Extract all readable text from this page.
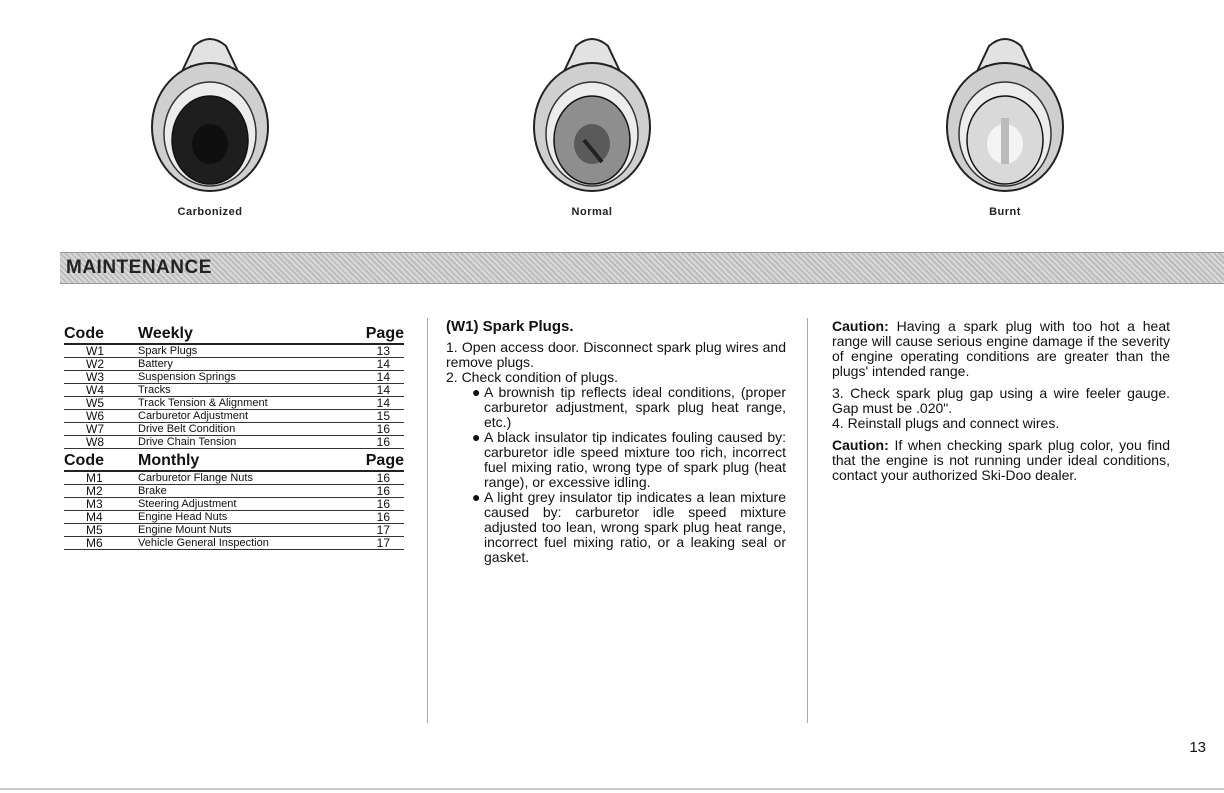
Carbonized	Normal	Burnt
MAINTENANCE
Code	Weekly	Page
W1	Spark Plugs	13
W2	Battery	14
W3	Suspension Springs	14
W4	Tracks	14
W5	Track Tension & Alignment	14
W6	Carburetor Adjustment	15
W7	Drive Belt Condition	16
W8	Drive Chain Tension	16
Code	Monthly	Page
M1	Carburetor Flange Nuts	16
M2	Brake	16
M3	Steering Adjustment	16
M4	Engine Head Nuts	16
M5	Engine Mount Nuts	17
M6	Vehicle General Inspection	17

(W1) Spark Plugs.

1. Open access door. Disconnect spark plug wires and remove plugs.

2. Check condition of plugs.

● A brownish tip reflects ideal conditions, (proper carburetor adjustment, spark plug heat range, etc.)
● A black insulator tip indicates fouling caused by: carburetor idle speed mixture too rich, incorrect fuel mixing ratio, wrong type of spark plug (heat range), or excessive idling.
● A light grey insulator tip indicates a lean mixture caused by: carburetor idle speed mixture adjusted too lean, wrong spark plug heat range, incorrect fuel mixing ratio, or a leaking seal or gasket.

Caution: Having a spark plug with too hot a heat range will cause serious engine damage if the severity of engine operating conditions are greater than the plugs' intended range.

3. Check spark plug gap using a wire feeler gauge. Gap must be .020".

4. Reinstall plugs and connect wires.

Caution: If when checking spark plug color, you find that the engine is not running under ideal conditions, contact your authorized Ski-Doo dealer.

13
